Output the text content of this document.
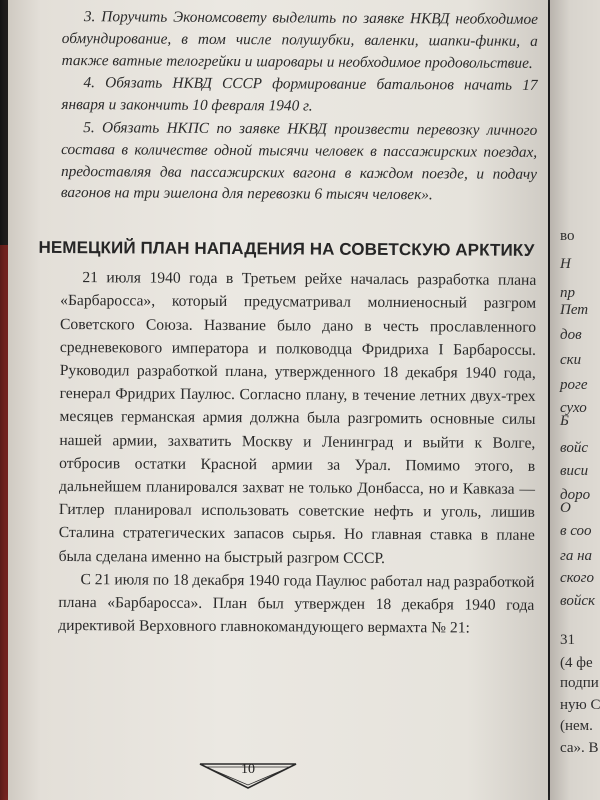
3. Поручить Экономсовету выделить по заявке НКВД необходимое обмундирование, в том числе полушубки, валенки, шапки-финки, а также ватные телогрейки и шаровары и необходимое продовольствие.

4. Обязать НКВД СССР формирование батальонов начать 17 января и закончить 10 февраля 1940 г.

5. Обязать НКПС по заявке НКВД произвести перевозку личного состава в количестве одной тысячи человек в пассажирских поездах, предоставляя два пассажирских вагона в каждом поезде, и подачу вагонов на три эшелона для перевозки 6 тысяч человек».

НЕМЕЦКИЙ ПЛАН НАПАДЕНИЯ НА СОВЕТСКУЮ АРКТИКУ

21 июля 1940 года в Третьем рейхе началась разработка плана «Барбаросса», который предусматривал молниеносный разгром Советского Союза. Название было дано в честь прославленного средневекового императора и полководца Фридриха I Барбароссы. Руководил разработкой плана, утвержденного 18 декабря 1940 года, генерал Фридрих Паулюс. Согласно плану, в течение летних двух-трех месяцев германская армия должна была разгромить основные силы нашей армии, захватить Москву и Ленинград и выйти к Волге, отбросив остатки Красной армии за Урал. Помимо этого, в дальнейшем планировался захват не только Донбасса, но и Кавказа — Гитлер планировал использовать советские нефть и уголь, лишив Сталина стратегических запасов сырья. Но главная ставка в плане была сделана именно на быстрый разгром СССР.

С 21 июля по 18 декабря 1940 года Паулюс работал над разработкой плана «Барбаросса». План был утвержден 18 декабря 1940 года директивой Верховного главнокомандующего вермахта № 21:

10
во
Н
пр
Пет
дов
ски
роге
сухо
Б
войс
виси
доро
О
в соо
га на
ского
войск
31
(4 фе
подпи
ную С
(нем.
са». В
